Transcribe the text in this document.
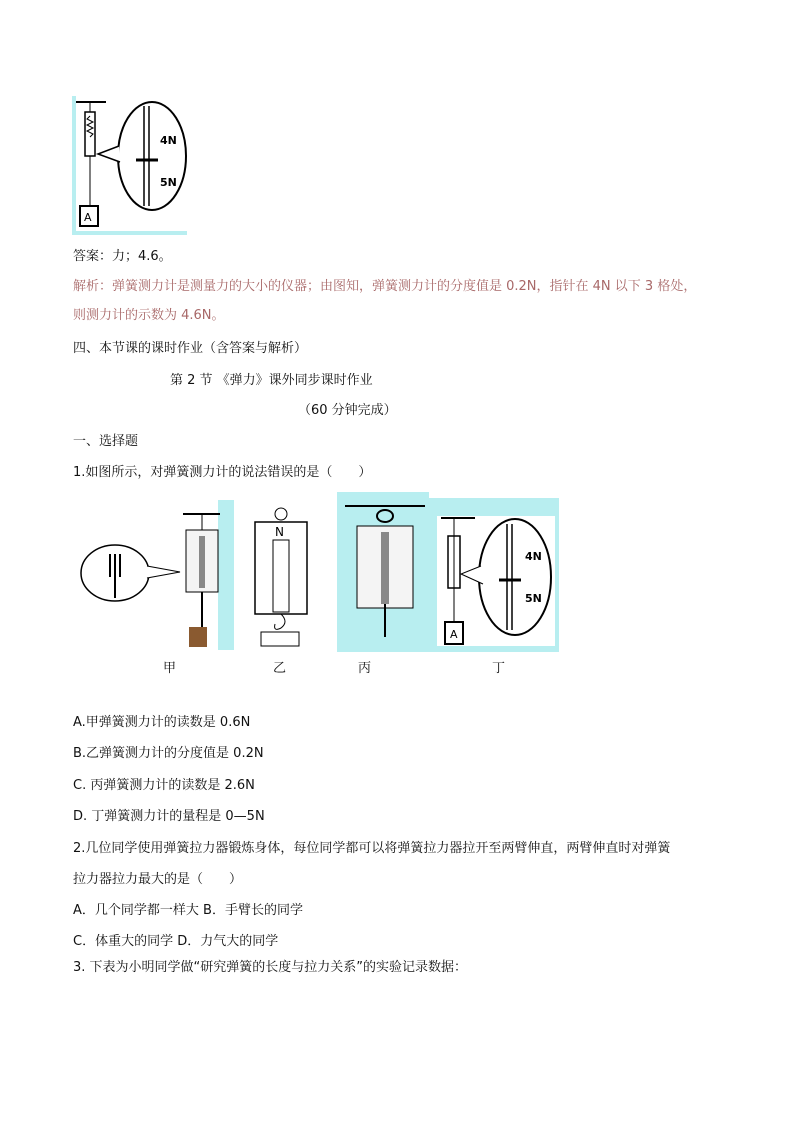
A
4N
5N
答案：力；4.6。
解析：弹簧测力计是测量力的大小的仪器；由图知，弹簧测力计的分度值是 0.2N，指针在 4N 以下 3 格处，
则测力计的示数为 4.6N。
四、本节课的课时作业（含答案与解析）
第 2 节 《弹力》课外同步课时作业
（60 分钟完成）
一、选择题
1.如图所示，对弹簧测力计的说法错误的是（　　）
N
A
4N
5N
甲	乙	丙	丁
A.甲弹簧测力计的读数是 0.6N
B.乙弹簧测力计的分度值是 0.2N
C. 丙弹簧测力计的读数是 2.6N
D. 丁弹簧测力计的量程是 0—5N
2.几位同学使用弹簧拉力器锻炼身体，每位同学都可以将弹簧拉力器拉开至两臂伸直，两臂伸直时对弹簧
拉力器拉力最大的是（　　）
A．几个同学都一样大 B．手臂长的同学
C．体重大的同学 D．力气大的同学
3. 下表为小明同学做“研究弹簧的长度与拉力关系”的实验记录数据：
